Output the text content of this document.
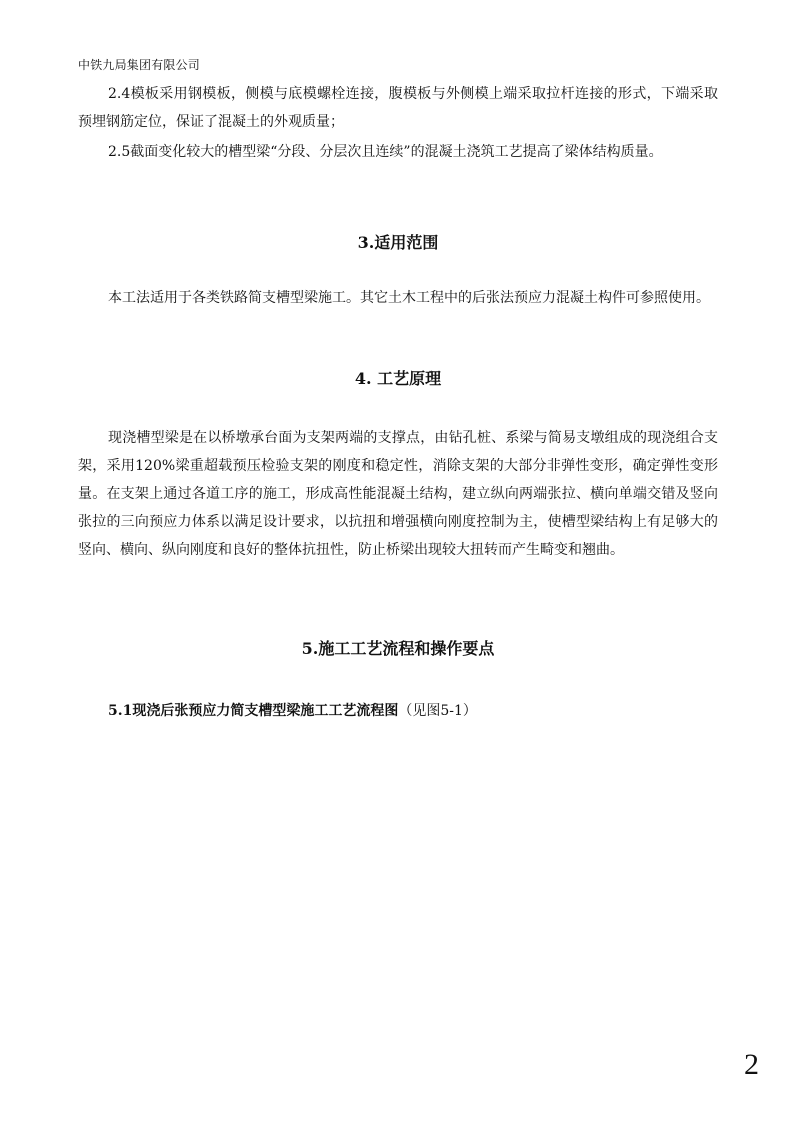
中铁九局集团有限公司

2.4模板采用钢模板，侧模与底模螺栓连接，腹模板与外侧模上端采取拉杆连接的形式，下端采取预埋钢筋定位，保证了混凝土的外观质量；

2.5截面变化较大的槽型梁“分段、分层次且连续”的混凝土浇筑工艺提高了梁体结构质量。

3.适用范围

本工法适用于各类铁路简支槽型梁施工。其它土木工程中的后张法预应力混凝土构件可参照使用。

4. 工艺原理

现浇槽型梁是在以桥墩承台面为支架两端的支撑点，由钻孔桩、系梁与简易支墩组成的现浇组合支架，采用120%梁重超载预压检验支架的刚度和稳定性，消除支架的大部分非弹性变形，确定弹性变形量。在支架上通过各道工序的施工，形成高性能混凝土结构，建立纵向两端张拉、横向单端交错及竖向张拉的三向预应力体系以满足设计要求，以抗扭和增强横向刚度控制为主，使槽型梁结构上有足够大的竖向、横向、纵向刚度和良好的整体抗扭性，防止桥梁出现较大扭转而产生畸变和翘曲。

5.施工工艺流程和操作要点

5.1现浇后张预应力简支槽型梁施工工艺流程图（见图5-1）

2
